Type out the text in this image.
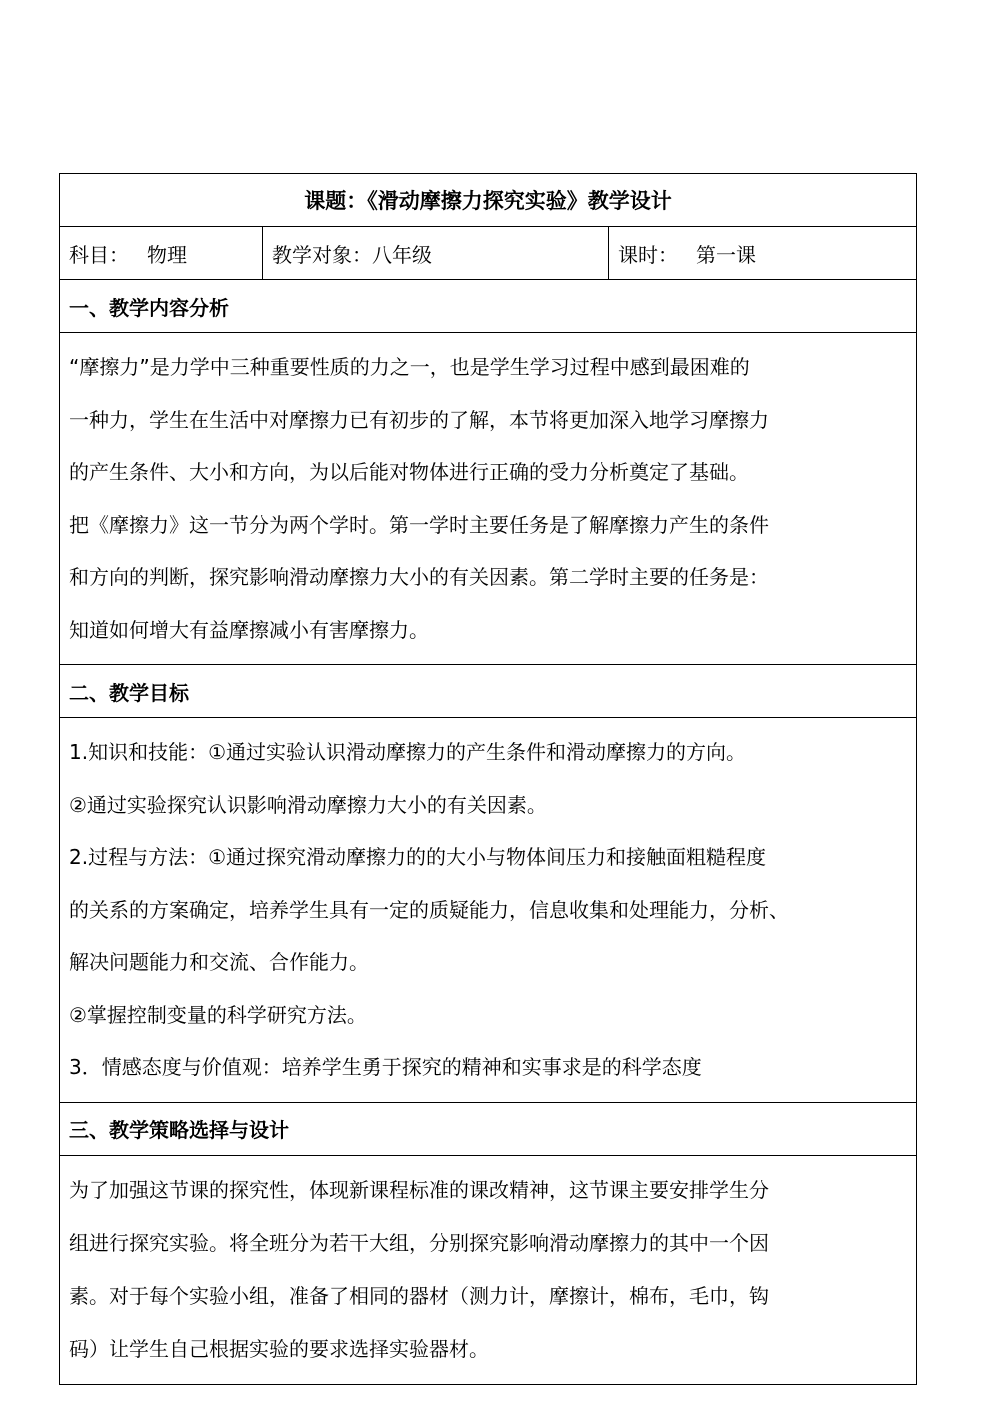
课题：《滑动摩擦力探究实验》教学设计
科目： 物理	教学对象：八年级	课时： 第一课
一、教学内容分析

“摩擦力”是力学中三种重要性质的力之一，也是学生学习过程中感到最困难的

一种力，学生在生活中对摩擦力已有初步的了解，本节将更加深入地学习摩擦力

的产生条件、大小和方向，为以后能对物体进行正确的受力分析奠定了基础。

把《摩擦力》这一节分为两个学时。第一学时主要任务是了解摩擦力产生的条件

和方向的判断，探究影响滑动摩擦力大小的有关因素。第二学时主要的任务是：

知道如何增大有益摩擦减小有害摩擦力。

二、教学目标

1.知识和技能：①通过实验认识滑动摩擦力的产生条件和滑动摩擦力的方向。

②通过实验探究认识影响滑动摩擦力大小的有关因素。

2.过程与方法：①通过探究滑动摩擦力的的大小与物体间压力和接触面粗糙程度

的关系的方案确定，培养学生具有一定的质疑能力，信息收集和处理能力，分析、

解决问题能力和交流、合作能力。

②掌握控制变量的科学研究方法。

3．情感态度与价值观：培养学生勇于探究的精神和实事求是的科学态度

三、教学策略选择与设计

为了加强这节课的探究性，体现新课程标准的课改精神，这节课主要安排学生分

组进行探究实验。将全班分为若干大组，分别探究影响滑动摩擦力的其中一个因

素。对于每个实验小组，准备了相同的器材（测力计，摩擦计，棉布，毛巾，钩

码）让学生自己根据实验的要求选择实验器材。
